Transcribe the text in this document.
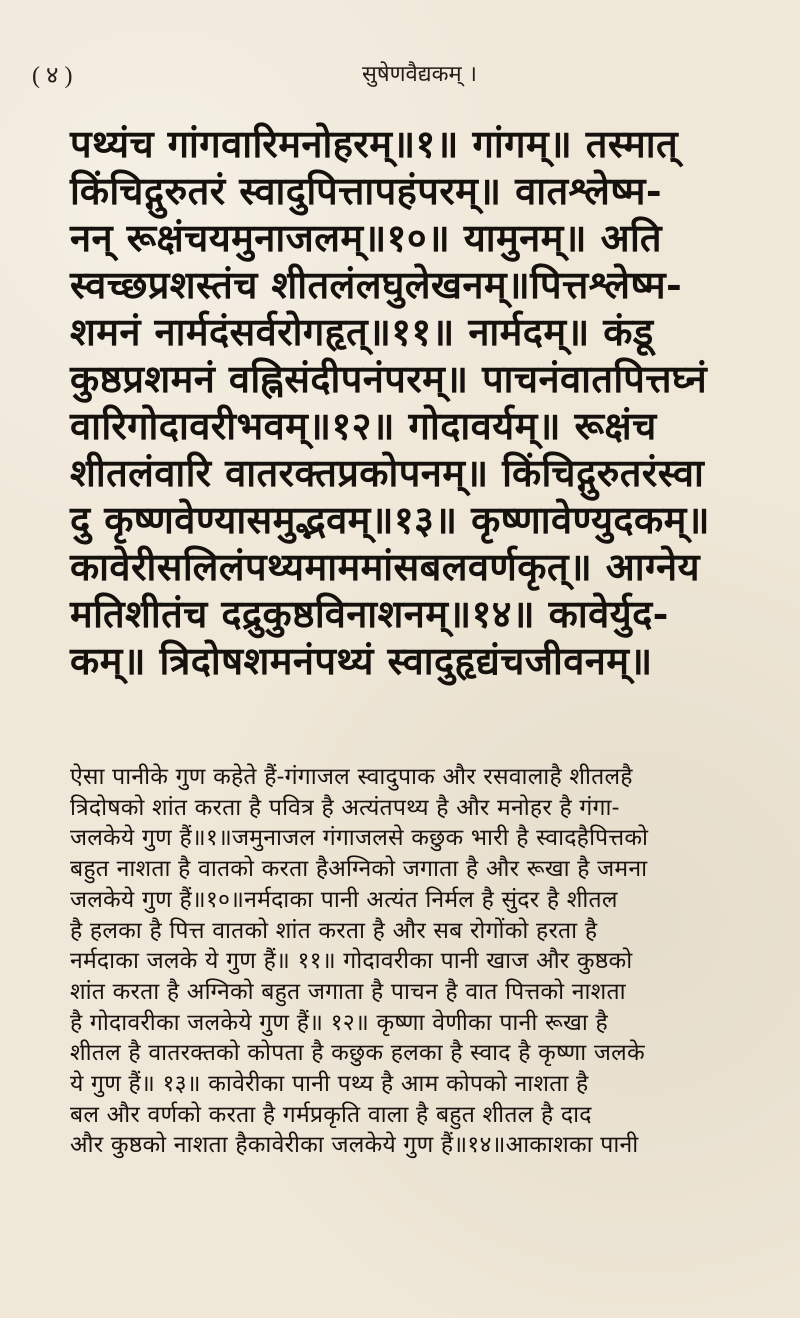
( ४ )	सुषेणवैद्यकम् ।
पथ्यंच गांगवारिमनोहरम्॥१॥ गांगम्॥ तस्मात्
किंचिद्गुरुतरं स्वादुपित्तापहंपरम्॥ वातश्लेष्म-
नन् रूक्षंचयमुनाजलम्॥१०॥ यामुनम्॥ अति
स्वच्छप्रशस्तंच शीतलंलघुलेखनम्॥पित्तश्लेष्म-
शमनं नार्मदंसर्वरोगहृत्॥११॥ नार्मदम्॥ कंडू
कुष्ठप्रशमनं वह्निसंदीपनंपरम्॥ पाचनंवातपित्तघ्नं
वारिगोदावरीभवम्॥१२॥ गोदावर्यम्॥ रूक्षंच
शीतलंवारि वातरक्तप्रकोपनम्॥ किंचिद्गुरुतरंस्वा
दु कृष्णवेण्यासमुद्भवम्॥१३॥ कृष्णावेण्युदकम्॥
कावेरीसलिलंपथ्यमाममांसबलवर्णकृत्॥ आग्नेय
मतिशीतंच दद्रुकुष्ठविनाशनम्॥१४॥ कावेर्युद-
कम्॥ त्रिदोषशमनंपथ्यं स्वादुहृद्यंचजीवनम्॥
ऐसा पानीके गुण कहेते हैं-गंगाजल स्वादुपाक और रसवालाहै शीतलहै
त्रिदोषको शांत करता है पवित्र है अत्यंतपथ्य है और मनोहर है गंगा-
जलकेये गुण हैं॥१॥जमुनाजल गंगाजलसे कछुक भारी है स्वादहैपित्तको
बहुत नाशता है वातको करता हैअग्निको जगाता है और रूखा है जमना
जलकेये गुण हैं॥१०॥नर्मदाका पानी अत्यंत निर्मल है सुंदर है शीतल
है हलका है पित्त वातको शांत करता है और सब रोगोंको हरता है
नर्मदाका जलके ये गुण हैं॥ ११॥ गोदावरीका पानी खाज और कुष्ठको
शांत करता है अग्निको बहुत जगाता है पाचन है वात पित्तको नाशता
है गोदावरीका जलकेये गुण हैं॥ १२॥ कृष्णा वेणीका पानी रूखा है
शीतल है वातरक्तको कोपता है कछुक हलका है स्वाद है कृष्णा जलके
ये गुण हैं॥ १३॥ कावेरीका पानी पथ्य है आम कोपको नाशता है
बल और वर्णको करता है गर्मप्रकृति वाला है बहुत शीतल है दाद
और कुष्ठको नाशता हैकावेरीका जलकेये गुण हैं॥१४॥आकाशका पानी
